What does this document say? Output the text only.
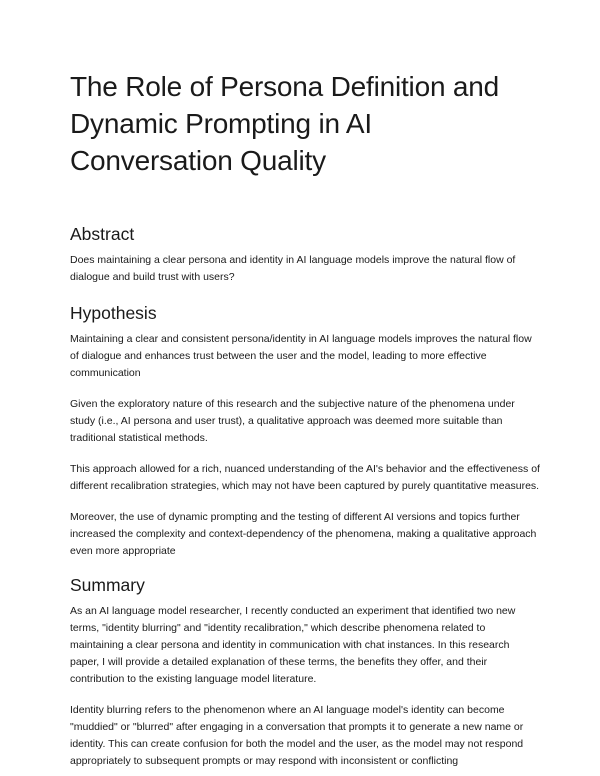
The Role of Persona Definition and Dynamic Prompting in AI Conversation Quality
Abstract

Does maintaining a clear persona and identity in AI language models improve the natural flow of dialogue and build trust with users?

Hypothesis

Maintaining a clear and consistent persona/identity in AI language models improves the natural flow of dialogue and enhances trust between the user and the model, leading to more effective communication

Given the exploratory nature of this research and the subjective nature of the phenomena under study (i.e., AI persona and user trust), a qualitative approach was deemed more suitable than traditional statistical methods.

This approach allowed for a rich, nuanced understanding of the AI's behavior and the effectiveness of different recalibration strategies, which may not have been captured by purely quantitative measures.

Moreover, the use of dynamic prompting and the testing of different AI versions and topics further increased the complexity and context-dependency of the phenomena, making a qualitative approach even more appropriate

Summary

As an AI language model researcher, I recently conducted an experiment that identified two new terms, "identity blurring" and "identity recalibration," which describe phenomena related to maintaining a clear persona and identity in communication with chat instances. In this research paper, I will provide a detailed explanation of these terms, the benefits they offer, and their contribution to the existing language model literature.

Identity blurring refers to the phenomenon where an AI language model's identity can become "muddied" or "blurred" after engaging in a conversation that prompts it to generate a new name or identity. This can create confusion for both the model and the user, as the model may not respond appropriately to subsequent prompts or may respond with inconsistent or conflicting
